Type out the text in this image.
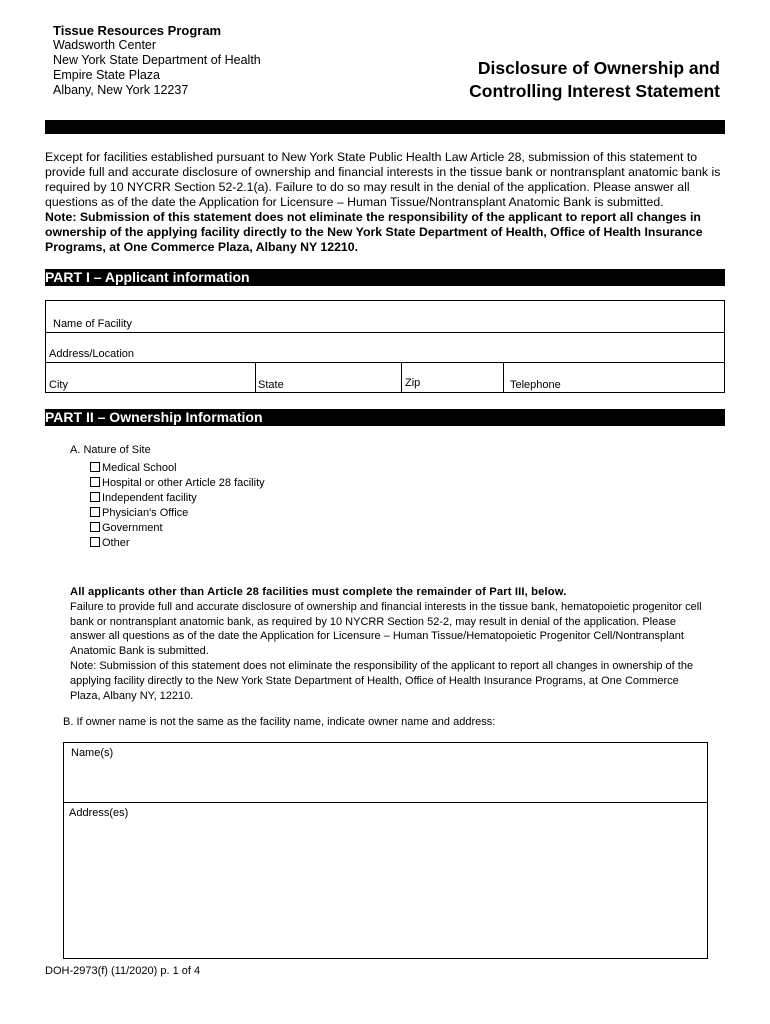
Tissue Resources Program
Wadsworth Center
New York State Department of Health
Empire State Plaza
Albany, New York 12237
Disclosure of Ownership and
Controlling Interest Statement
Except for facilities established pursuant to New York State Public Health Law Article 28, submission of this statement to provide full and accurate disclosure of ownership and financial interests in the tissue bank or nontransplant anatomic bank is required by 10 NYCRR Section 52-2.1(a). Failure to do so may result in the denial of the application. Please answer all questions as of the date the Application for Licensure – Human Tissue/Nontransplant Anatomic Bank is submitted.
Note: Submission of this statement does not eliminate the responsibility of the applicant to report all changes in ownership of the applying facility directly to the New York State Department of Health, Office of Health Insurance Programs, at One Commerce Plaza, Albany NY 12210.
PART I – Applicant information
Name of Facility
Address/Location
City	State	Zip	Telephone
PART II – Ownership Information
A. Nature of Site
Medical School
Hospital or other Article 28 facility
Independent facility
Physician's Office
Government
Other
All applicants other than Article 28 facilities must complete the remainder of Part III, below.
Failure to provide full and accurate disclosure of ownership and financial interests in the tissue bank, hematopoietic progenitor cell bank or nontransplant anatomic bank, as required by 10 NYCRR Section 52-2, may result in denial of the application. Please answer all questions as of the date the Application for Licensure – Human Tissue/Hematopoietic Progenitor Cell/Nontransplant Anatomic Bank is submitted.
Note: Submission of this statement does not eliminate the responsibility of the applicant to report all changes in ownership of the applying facility directly to the New York State Department of Health, Office of Health Insurance Programs, at One Commerce Plaza, Albany NY, 12210.
B. If owner name is not the same as the facility name, indicate owner name and address:
Name(s)
Address(es)
DOH-2973(f) (11/2020) p. 1 of 4
